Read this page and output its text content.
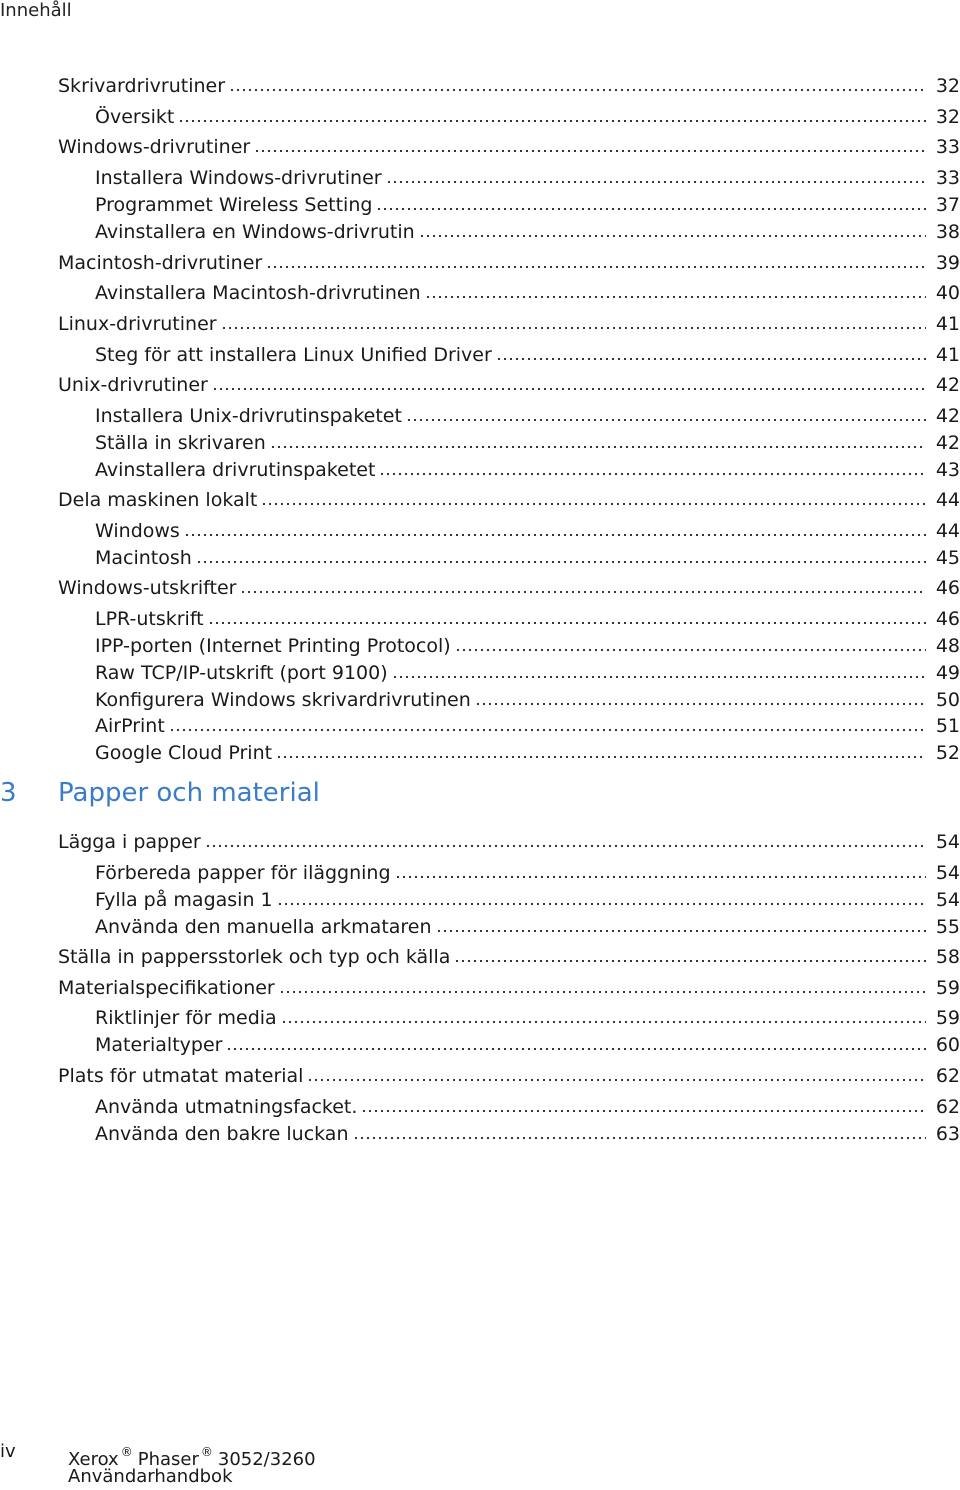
Innehåll
Skrivardrivrutiner	32
Översikt	32
Windows-drivrutiner	33
Installera Windows-drivrutiner	33
Programmet Wireless Setting	37
Avinstallera en Windows-drivrutin	38
Macintosh-drivrutiner	39
Avinstallera Macintosh-drivrutinen	40
Linux-drivrutiner	41
Steg för att installera Linux Unified Driver	41
Unix-drivrutiner	42
Installera Unix-drivrutinspaketet	42
Ställa in skrivaren	42
Avinstallera drivrutinspaketet	43
Dela maskinen lokalt	44
Windows	44
Macintosh	45
Windows-utskrifter	46
LPR-utskrift	46
IPP-porten (Internet Printing Protocol)	48
Raw TCP/IP-utskrift (port 9100)	49
Konfigurera Windows skrivardrivrutinen	50
AirPrint	51
Google Cloud Print	52
3 Papper och material
Lägga i papper	54
Förbereda papper för iläggning	54
Fylla på magasin 1	54
Använda den manuella arkmataren	55
Ställa in pappersstorlek och typ och källa	58
Materialspecifikationer	59
Riktlinjer för media	59
Materialtyper	60
Plats för utmatat material	62
Använda utmatningsfacket.	62
Använda den bakre luckan	63
iv	Xerox ® Phaser ® 3052/3260
Användarhandbok
